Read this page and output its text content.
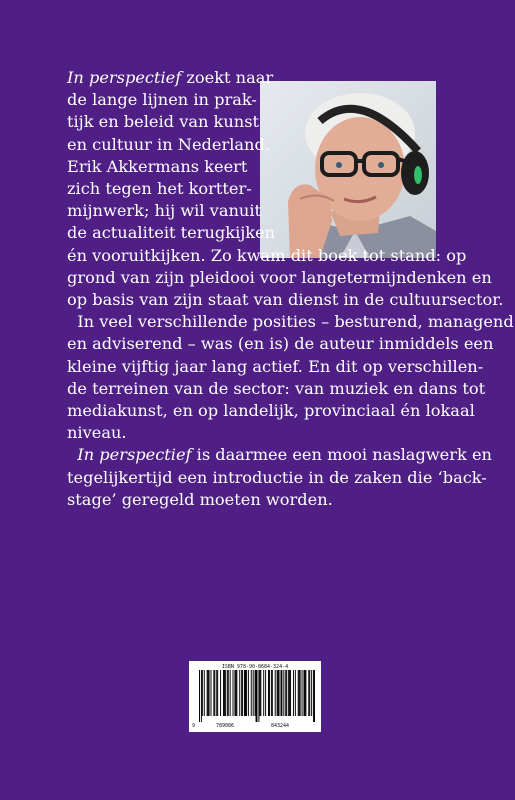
In perspectief zoekt naar
de lange lijnen in prak-
tijk en beleid van kunst
en cultuur in Nederland.
Erik Akkermans keert
zich tegen het kortter-
mijnwerk; hij wil vanuit
de actualiteit terugkijken
én vooruitkijken. Zo kwam dit boek tot stand: op
grond van zijn pleidooi voor langetermijndenken en
op basis van zijn staat van dienst in de cultuursector.
In veel verschillende posities – besturend, managend
en adviserend – was (en is) de auteur inmiddels een
kleine vijftig jaar lang actief. En dit op verschillen-
de terreinen van de sector: van muziek en dans tot
mediakunst, en op landelijk, provinciaal én lokaal
niveau.
In perspectief is daarmee een mooi naslagwerk en
tegelijkertijd een introductie in de zaken die ‘back-
stage’ geregeld moeten worden.
ISBN 978-90-8684-324-4
9	789086	843244
